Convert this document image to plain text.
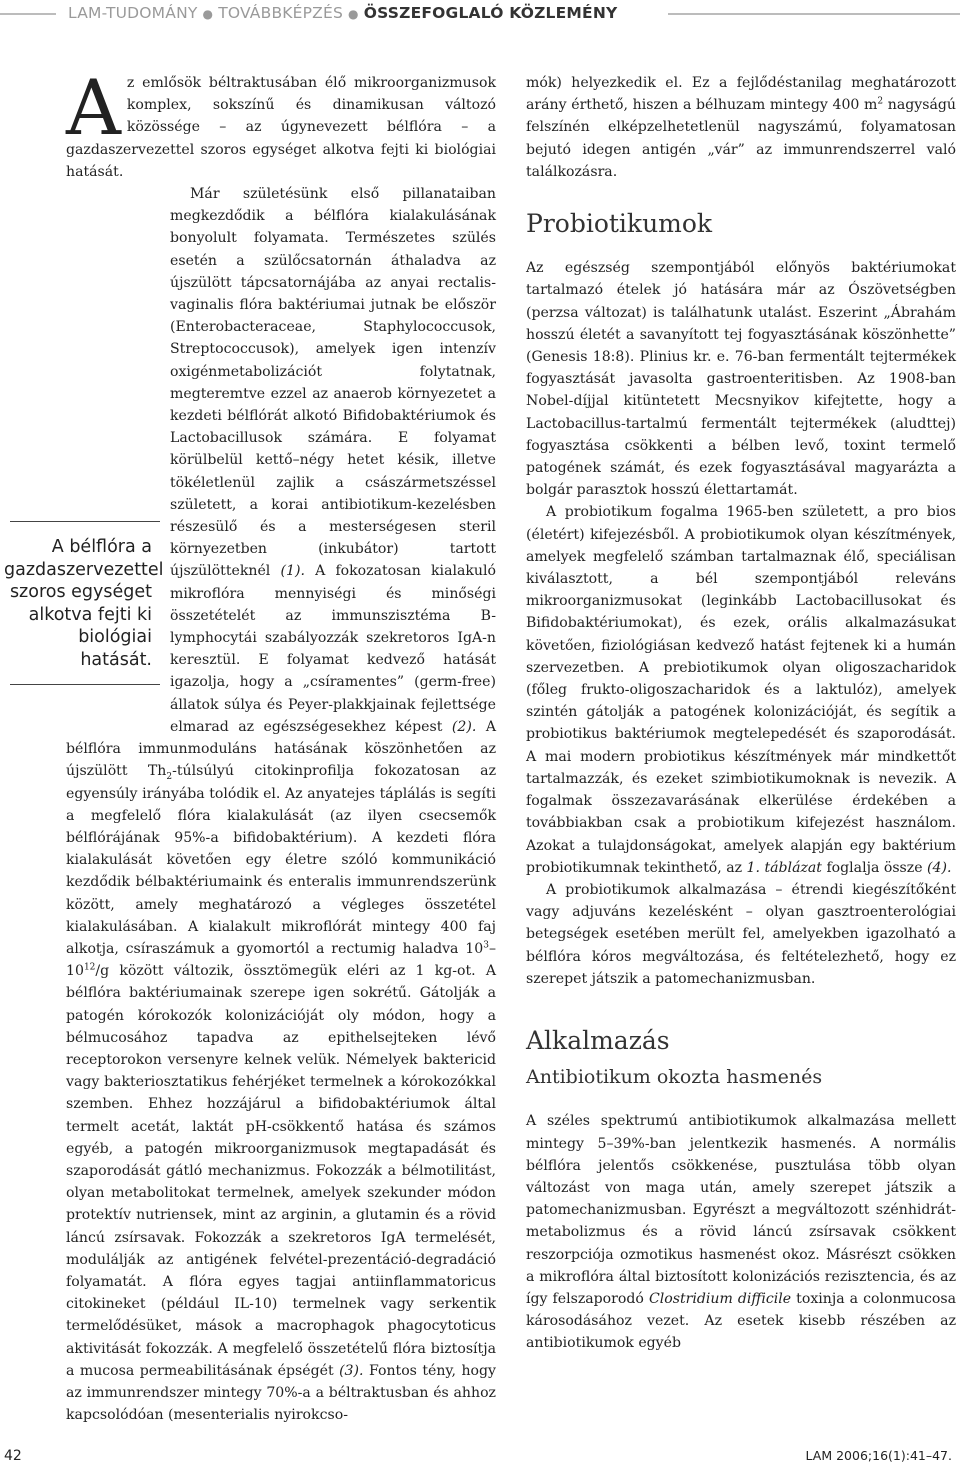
LAM-TUDOMÁNY ● TOVÁBBKÉPZÉS ● ÖSSZEFOGLALÓ KÖZLEMÉNY

Az emlősök béltraktusában élő mikroorganizmusok komplex, sokszínű és dinamikusan változó közössége – az úgynevezett bélflóra – a gazdaszervezettel szoros egységet alkotva fejti ki biológiai hatását.

Már születésünk első pillanataiban megkezdődik a bélflóra kialakulásának bonyolult folyamata. Természetes szülés esetén a szülőcsatornán áthaladva az újszülött tápcsatornájába az anyai rectalis-vaginalis flóra baktériumai jutnak be először (Enterobacteraceae, Staphylococcusok, Streptococcusok), amelyek igen intenzív oxigénmetabolizációt folytatnak, megteremtve ezzel az anaerob környezetet a kezdeti bélflórát alkotó Bifidobaktériumok és Lactobacillusok számára. E folyamat körülbelül kettő–négy hetet késik, illetve tökéletlenül zajlik a császármetszéssel született, a korai antibiotikum-kezelésben részesülő és a mesterségesen steril környezetben (inkubátor) tartott újszülötteknél (1). A fokozatosan kialakuló mikroflóra mennyiségi és minőségi összetételét az immunszisztéma B-lymphocytái szabályozzák szekretoros IgA-n keresztül. E folyamat kedvező hatását igazolja, hogy a „csíramentes” (germ-free) állatok súlya és Peyer-plakkjainak fejlettsége elmarad az egészségesekhez képest (2). A bélflóra immunmoduláns hatásának köszönhetően az újszülött $Th_2$-túlsúlyú citokinprofilja fokozatosan az egyensúly irányába tolódik el. Az anyatejes táplálás is segíti a megfelelő flóra kialakulását (az ilyen csecsemők bélflórájának 95%-a bifidobaktérium). A kezdeti flóra kialakulását követően egy életre szóló kommunikáció kezdődik bélbaktériumaink és enteralis immunrendszerünk között, amely meghatározó a végleges összetétel kialakulásában. A kialakult mikroflórát mintegy 400 faj alkotja, csíraszámuk a gyomortól a rectumig haladva $10^3-10^{12}/g$ között változik, össztömegük eléri az 1 kg-ot. A bélflóra baktériumainak szerepe igen sokrétű. Gátolják a patogén kórokozók kolonizációját oly módon, hogy a bélmucosához tapadva az epithelsejteken lévő receptorokon versenyre kelnek velük. Némelyek baktericid vagy bakteriosztatikus fehérjéket termelnek a kórokozókkal szemben. Ehhez hozzájárul a bifidobaktériumok által termelt acetát, laktát pH-csökkentő hatása és számos egyéb, a patogén mikroorganizmusok megtapadását és szaporodását gátló mechanizmus. Fokozzák a bélmotilitást, olyan metabolitokat termelnek, amelyek szekunder módon protektív nutriensek, mint az arginin, a glutamin és a rövid láncú zsírsavak. Fokozzák a szekretoros IgA termelését, modulálják az antigének felvétel-prezentáció-degradáció folyamatát. A flóra egyes tagjai antiinflammatoricus citokineket (például IL-10) termelnek vagy serkentik termelődésüket, mások a macrophagok phagocytoticus aktivitását fokozzák. A megfelelő összetételű flóra biztosítja a mucosa permeabilitásának épségét (3). Fontos tény, hogy az immunrendszer mintegy 70%-a a béltraktusban és ahhoz kapcsolódóan (mesenterialis nyirokcso-

A bélflóra a gazdaszervezettel szoros egységet alkotva fejti ki biológiai hatását.

mók) helyezkedik el. Ez a fejlődéstanilag meghatározott arány érthető, hiszen a bélhuzam mintegy 400 $m^2$ nagyságú felszínén elképzelhetetlenül nagyszámú, folyamatosan bejutó idegen antigén „vár” az immunrendszerrel való találkozásra.

Probiotikumok

Az egészség szempontjából előnyös baktériumokat tartalmazó ételek jó hatására már az Ószövetségben (perzsa változat) is találhatunk utalást. Eszerint „Ábrahám hosszú életét a savanyított tej fogyasztásának köszönhette” (Genesis 18:8). Plinius kr. e. 76-ban fermentált tejtermékek fogyasztását javasolta gastroenteritisben. Az 1908-ban Nobel-díjjal kitüntetett Mecsnyikov kifejtette, hogy a Lactobacillus-tartalmú fermentált tejtermékek (aludttej) fogyasztása csökkenti a bélben levő, toxint termelő patogének számát, és ezek fogyasztásával magyarázta a bolgár parasztok hosszú élettartamát.

A probiotikum fogalma 1965-ben született, a pro bios (életért) kifejezésből. A probiotikumok olyan készítmények, amelyek megfelelő számban tartalmaznak élő, speciálisan kiválasztott, a bél szempontjából releváns mikroorganizmusokat (leginkább Lactobacillusokat és Bifidobaktériumokat), és ezek, orális alkalmazásukat követően, fiziológiásan kedvező hatást fejtenek ki a humán szervezetben. A prebiotikumok olyan oligoszacharidok (főleg frukto-oligoszacharidok és a laktulóz), amelyek szintén gátolják a patogének kolonizációját, és segítik a probiotikus baktériumok megtelepedését és szaporodását. A mai modern probiotikus készítmények már mindkettőt tartalmazzák, és ezeket szimbiotikumoknak is nevezik. A fogalmak összezavarásának elkerülése érdekében a továbbiakban csak a probiotikum kifejezést használom. Azokat a tulajdonságokat, amelyek alapján egy baktérium probiotikumnak tekinthető, az 1. táblázat foglalja össze (4).

A probiotikumok alkalmazása – étrendi kiegészítőként vagy adjuváns kezelésként – olyan gasztroenterológiai betegségek esetében merült fel, amelyekben igazolható a bélflóra kóros megváltozása, és feltételezhető, hogy ez szerepet játszik a patomechanizmusban.

Alkalmazás
Antibiotikum okozta hasmenés

A széles spektrumú antibiotikumok alkalmazása mellett mintegy 5–39%-ban jelentkezik hasmenés. A normális bélflóra jelentős csökkenése, pusztulása több olyan változást von maga után, amely szerepet játszik a patomechanizmusban. Egyrészt a megváltozott szénhidrát-metabolizmus és a rövid láncú zsírsavak csökkent reszorpciója ozmotikus hasmenést okoz. Másrészt csökken a mikroflóra által biztosított kolonizációs rezisztencia, és az így felszaporodó Clostridium difficile toxinja a colonmucosa károsodásához vezet. Az esetek kisebb részében az antibiotikumok egyéb

42	LAM 2006;16(1):41–47.
